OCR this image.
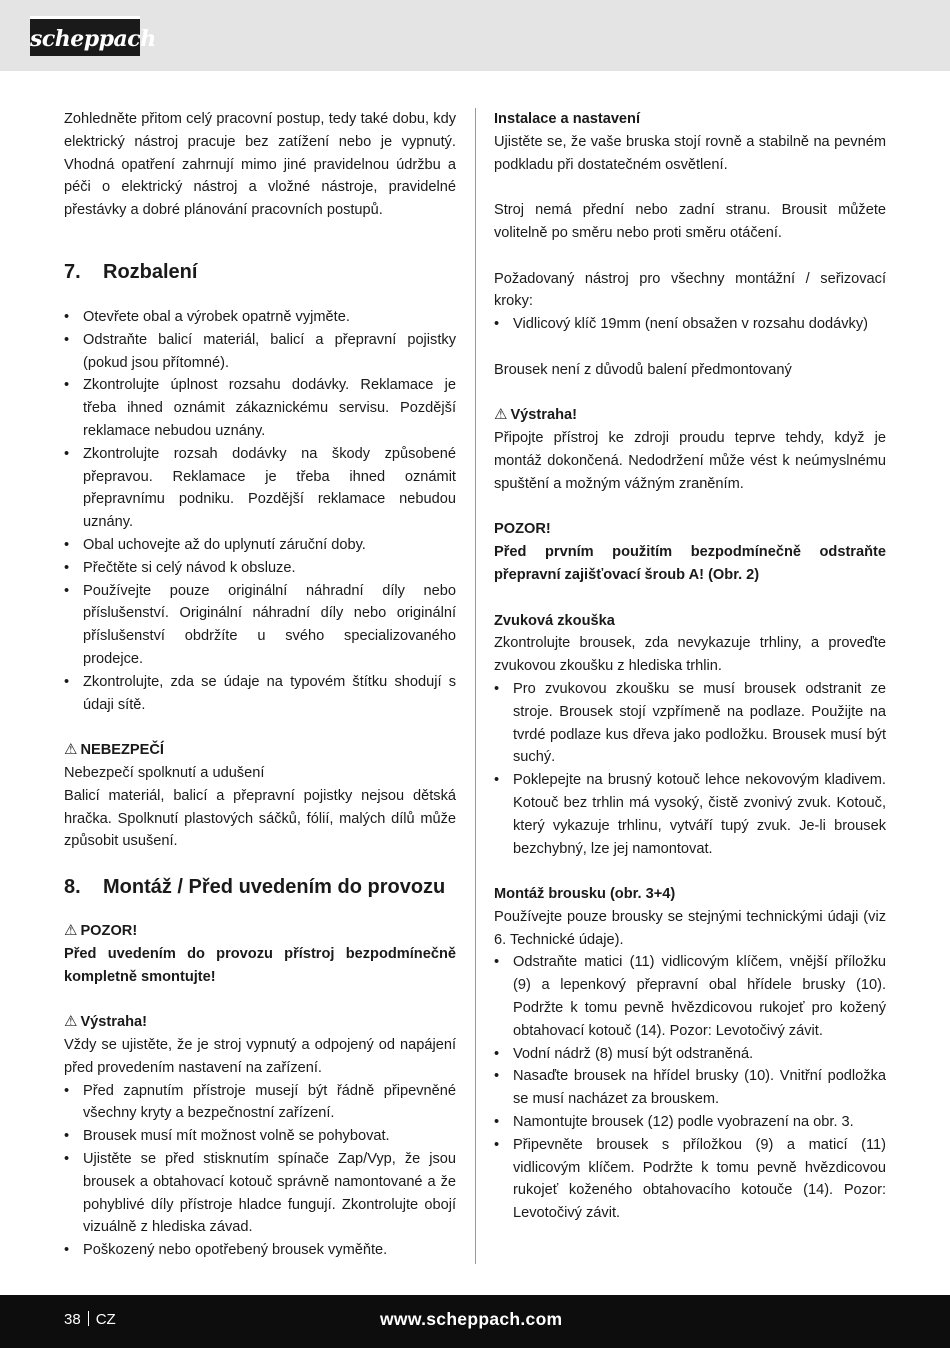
scheppach

Zohledněte přitom celý pracovní postup, tedy také dobu, kdy elektrický nástroj pracuje bez zatížení nebo je vypnutý. Vhodná opatření zahrnují mimo jiné pravidelnou údržbu a péči o elektrický nástroj a vložné nástroje, pravidelné přestávky a dobré plánování pracovních postupů.

7.	Rozbalení
• Otevřete obal a výrobek opatrně vyjměte.
• Odstraňte balicí materiál, balicí a přepravní pojistky (pokud jsou přítomné).
• Zkontrolujte úplnost rozsahu dodávky. Reklamace je třeba ihned oznámit zákaznickému servisu. Pozdější reklamace nebudou uznány.
• Zkontrolujte rozsah dodávky na škody způsobené přepravou. Reklamace je třeba ihned oznámit přepravnímu podniku. Pozdější reklamace nebudou uznány.
• Obal uchovejte až do uplynutí záruční doby.
• Přečtěte si celý návod k obsluze.
• Používejte pouze originální náhradní díly nebo příslušenství. Originální náhradní díly nebo originální příslušenství obdržíte u svého specializovaného prodejce.
• Zkontrolujte, zda se údaje na typovém štítku shodují s údaji sítě.
⚠ NEBEZPEČÍ

Nebezpečí spolknutí a udušení

Balicí materiál, balicí a přepravní pojistky nejsou dětská hračka. Spolknutí plastových sáčků, fólií, malých dílů může způsobit usušení.

8.	Montáž / Před uvedením do provozu
⚠ POZOR!

Před uvedením do provozu přístroj bezpodmínečně kompletně smontujte!

⚠ Výstraha!

Vždy se ujistěte, že je stroj vypnutý a odpojený od napájení před provedením nastavení na zařízení.

• Před zapnutím přístroje musejí být řádně připevněné všechny kryty a bezpečnostní zařízení.
• Brousek musí mít možnost volně se pohybovat.
• Ujistěte se před stisknutím spínače Zap/Vyp, že jsou brousek a obtahovací kotouč správně namontované a že pohyblivé díly přístroje hladce fungují. Zkontrolujte obojí vizuálně z hlediska závad.
• Poškozený nebo opotřebený brousek vyměňte.

Instalace a nastavení

Ujistěte se, že vaše bruska stojí rovně a stabilně na pevném podkladu při dostatečném osvětlení.

Stroj nemá přední nebo zadní stranu. Brousit můžete volitelně po směru nebo proti směru otáčení.

Požadovaný nástroj pro všechny montážní / seřizovací kroky:

• Vidlicový klíč 19mm (není obsažen v rozsahu dodávky)

Brousek není z důvodů balení předmontovaný

⚠ Výstraha!

Připojte přístroj ke zdroji proudu teprve tehdy, když je montáž dokončená. Nedodržení může vést k neúmyslnému spuštění a možným vážným zraněním.

POZOR!

Před prvním použitím bezpodmínečně odstraňte přepravní zajišťovací šroub A! (Obr. 2)

Zvuková zkouška

Zkontrolujte brousek, zda nevykazuje trhliny, a proveďte zvukovou zkoušku z hlediska trhlin.

• Pro zvukovou zkoušku se musí brousek odstranit ze stroje. Brousek stojí vzpřímeně na podlaze. Použijte na tvrdé podlaze kus dřeva jako podložku. Brousek musí být suchý.
• Poklepejte na brusný kotouč lehce nekovovým kladivem. Kotouč bez trhlin má vysoký, čistě zvonivý zvuk. Kotouč, který vykazuje trhlinu, vytváří tupý zvuk. Je-li brousek bezchybný, lze jej namontovat.

Montáž brousku (obr. 3+4)

Používejte pouze brousky se stejnými technickými údaji (viz 6. Technické údaje).

• Odstraňte matici (11) vidlicovým klíčem, vnější příložku (9) a lepenkový přepravní obal hřídele brusky (10). Podržte k tomu pevně hvězdicovou rukojeť pro kožený obtahovací kotouč (14). Pozor: Levotočivý závit.
• Vodní nádrž (8) musí být odstraněná.
• Nasaďte brousek na hřídel brusky (10). Vnitřní podložka se musí nacházet za brouskem.
• Namontujte brousek (12) podle vyobrazení na obr. 3.
• Připevněte brousek s příložkou (9) a maticí (11) vidlicovým klíčem. Podržte k tomu pevně hvězdicovou rukojeť koženého obtahovacího kotouče (14). Pozor: Levotočivý závit.
38 CZ	www.scheppach.com
